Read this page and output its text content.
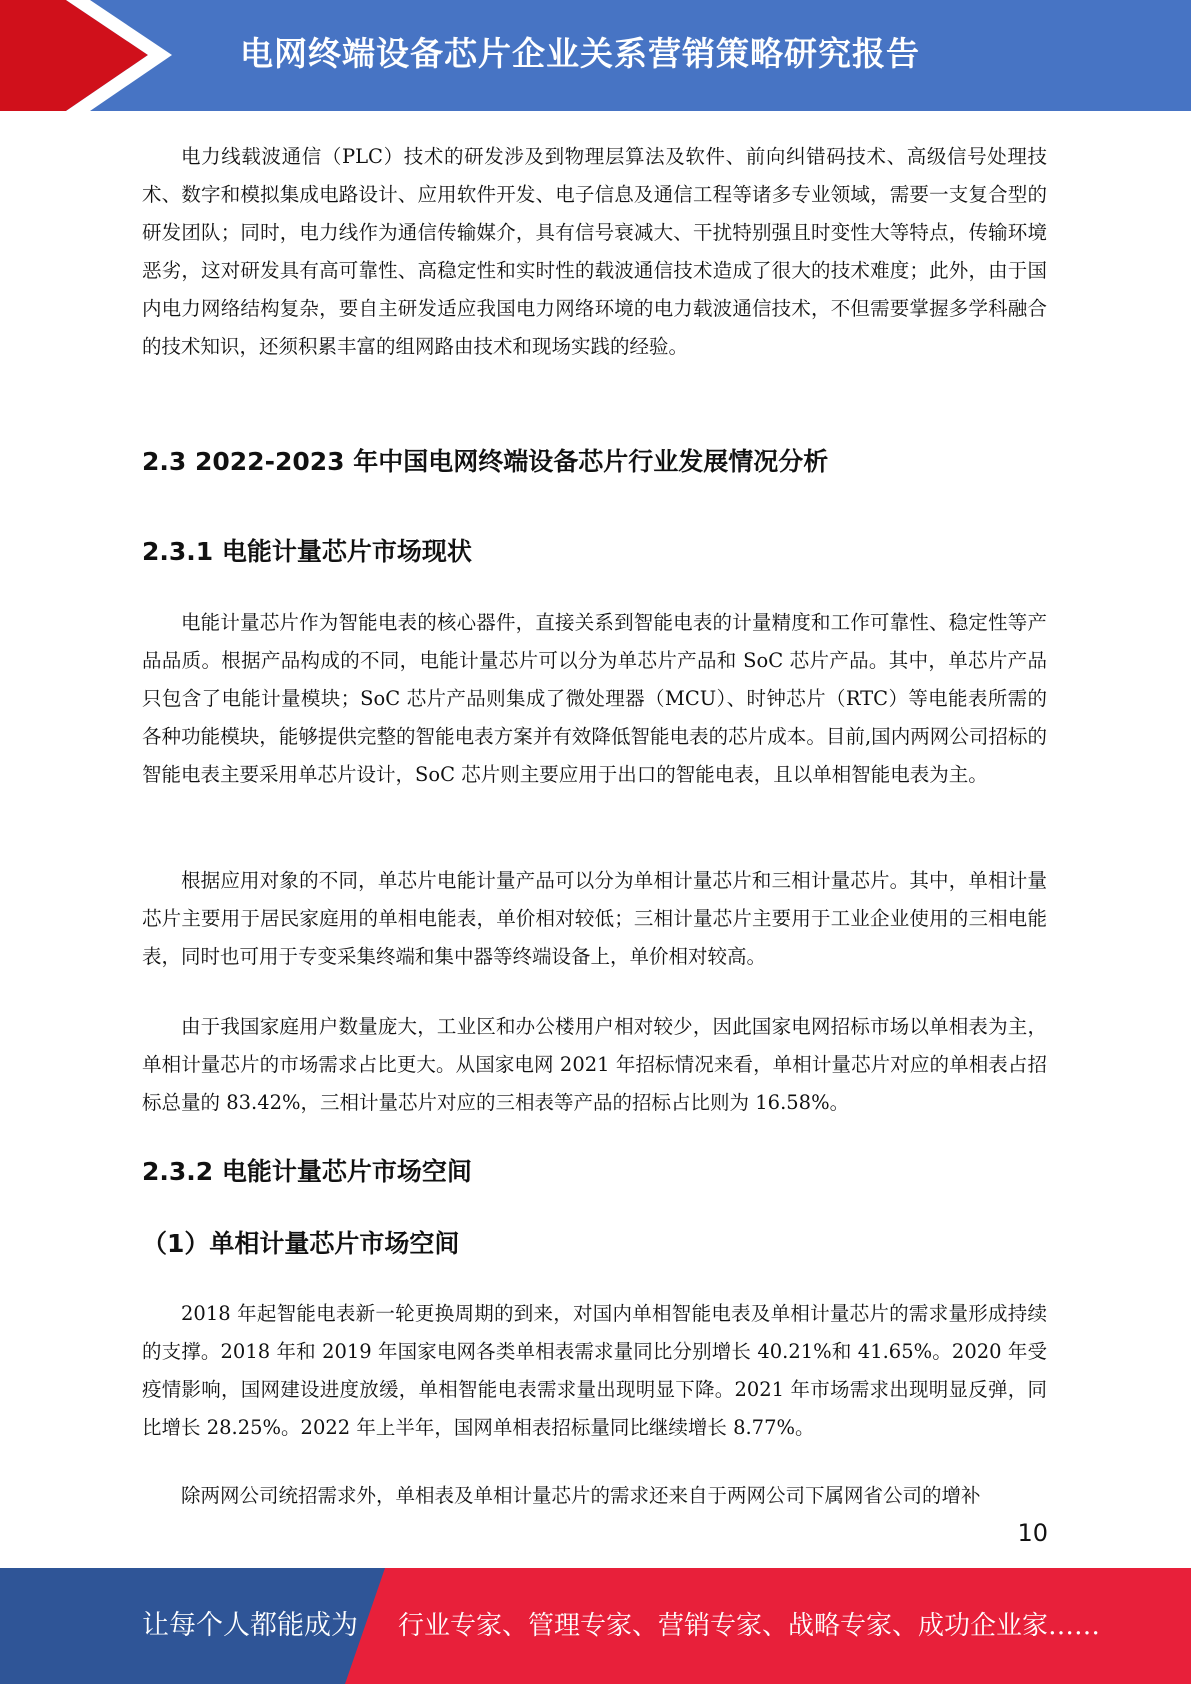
电网终端设备芯片企业关系营销策略研究报告

电力线载波通信（PLC）技术的研发涉及到物理层算法及软件、前向纠错码技术、高级信号处理技术、数字和模拟集成电路设计、应用软件开发、电子信息及通信工程等诸多专业领域，需要一支复合型的研发团队；同时，电力线作为通信传输媒介，具有信号衰减大、干扰特别强且时变性大等特点，传输环境恶劣，这对研发具有高可靠性、高稳定性和实时性的载波通信技术造成了很大的技术难度；此外，由于国内电力网络结构复杂，要自主研发适应我国电力网络环境的电力载波通信技术，不但需要掌握多学科融合的技术知识，还须积累丰富的组网路由技术和现场实践的经验。

2.3 2022-2023 年中国电网终端设备芯片行业发展情况分析
2.3.1 电能计量芯片市场现状

电能计量芯片作为智能电表的核心器件，直接关系到智能电表的计量精度和工作可靠性、稳定性等产品品质。根据产品构成的不同，电能计量芯片可以分为单芯片产品和 SoC 芯片产品。其中，单芯片产品只包含了电能计量模块；SoC 芯片产品则集成了微处理器（MCU）、时钟芯片（RTC）等电能表所需的各种功能模块，能够提供完整的智能电表方案并有效降低智能电表的芯片成本。目前,国内两网公司招标的智能电表主要采用单芯片设计，SoC 芯片则主要应用于出口的智能电表，且以单相智能电表为主。

根据应用对象的不同，单芯片电能计量产品可以分为单相计量芯片和三相计量芯片。其中，单相计量芯片主要用于居民家庭用的单相电能表，单价相对较低；三相计量芯片主要用于工业企业使用的三相电能表，同时也可用于专变采集终端和集中器等终端设备上，单价相对较高。

由于我国家庭用户数量庞大，工业区和办公楼用户相对较少，因此国家电网招标市场以单相表为主，单相计量芯片的市场需求占比更大。从国家电网 2021 年招标情况来看，单相计量芯片对应的单相表占招标总量的 83.42%，三相计量芯片对应的三相表等产品的招标占比则为 16.58%。

2.3.2 电能计量芯片市场空间
（1）单相计量芯片市场空间

2018 年起智能电表新一轮更换周期的到来，对国内单相智能电表及单相计量芯片的需求量形成持续的支撑。2018 年和 2019 年国家电网各类单相表需求量同比分别增长 40.21%和 41.65%。2020 年受疫情影响，国网建设进度放缓，单相智能电表需求量出现明显下降。2021 年市场需求出现明显反弹，同比增长 28.25%。2022 年上半年，国网单相表招标量同比继续增长 8.77%。

除两网公司统招需求外，单相表及单相计量芯片的需求还来自于两网公司下属网省公司的增补

10
让每个人都能成为 行业专家、管理专家、营销专家、战略专家、成功企业家……
